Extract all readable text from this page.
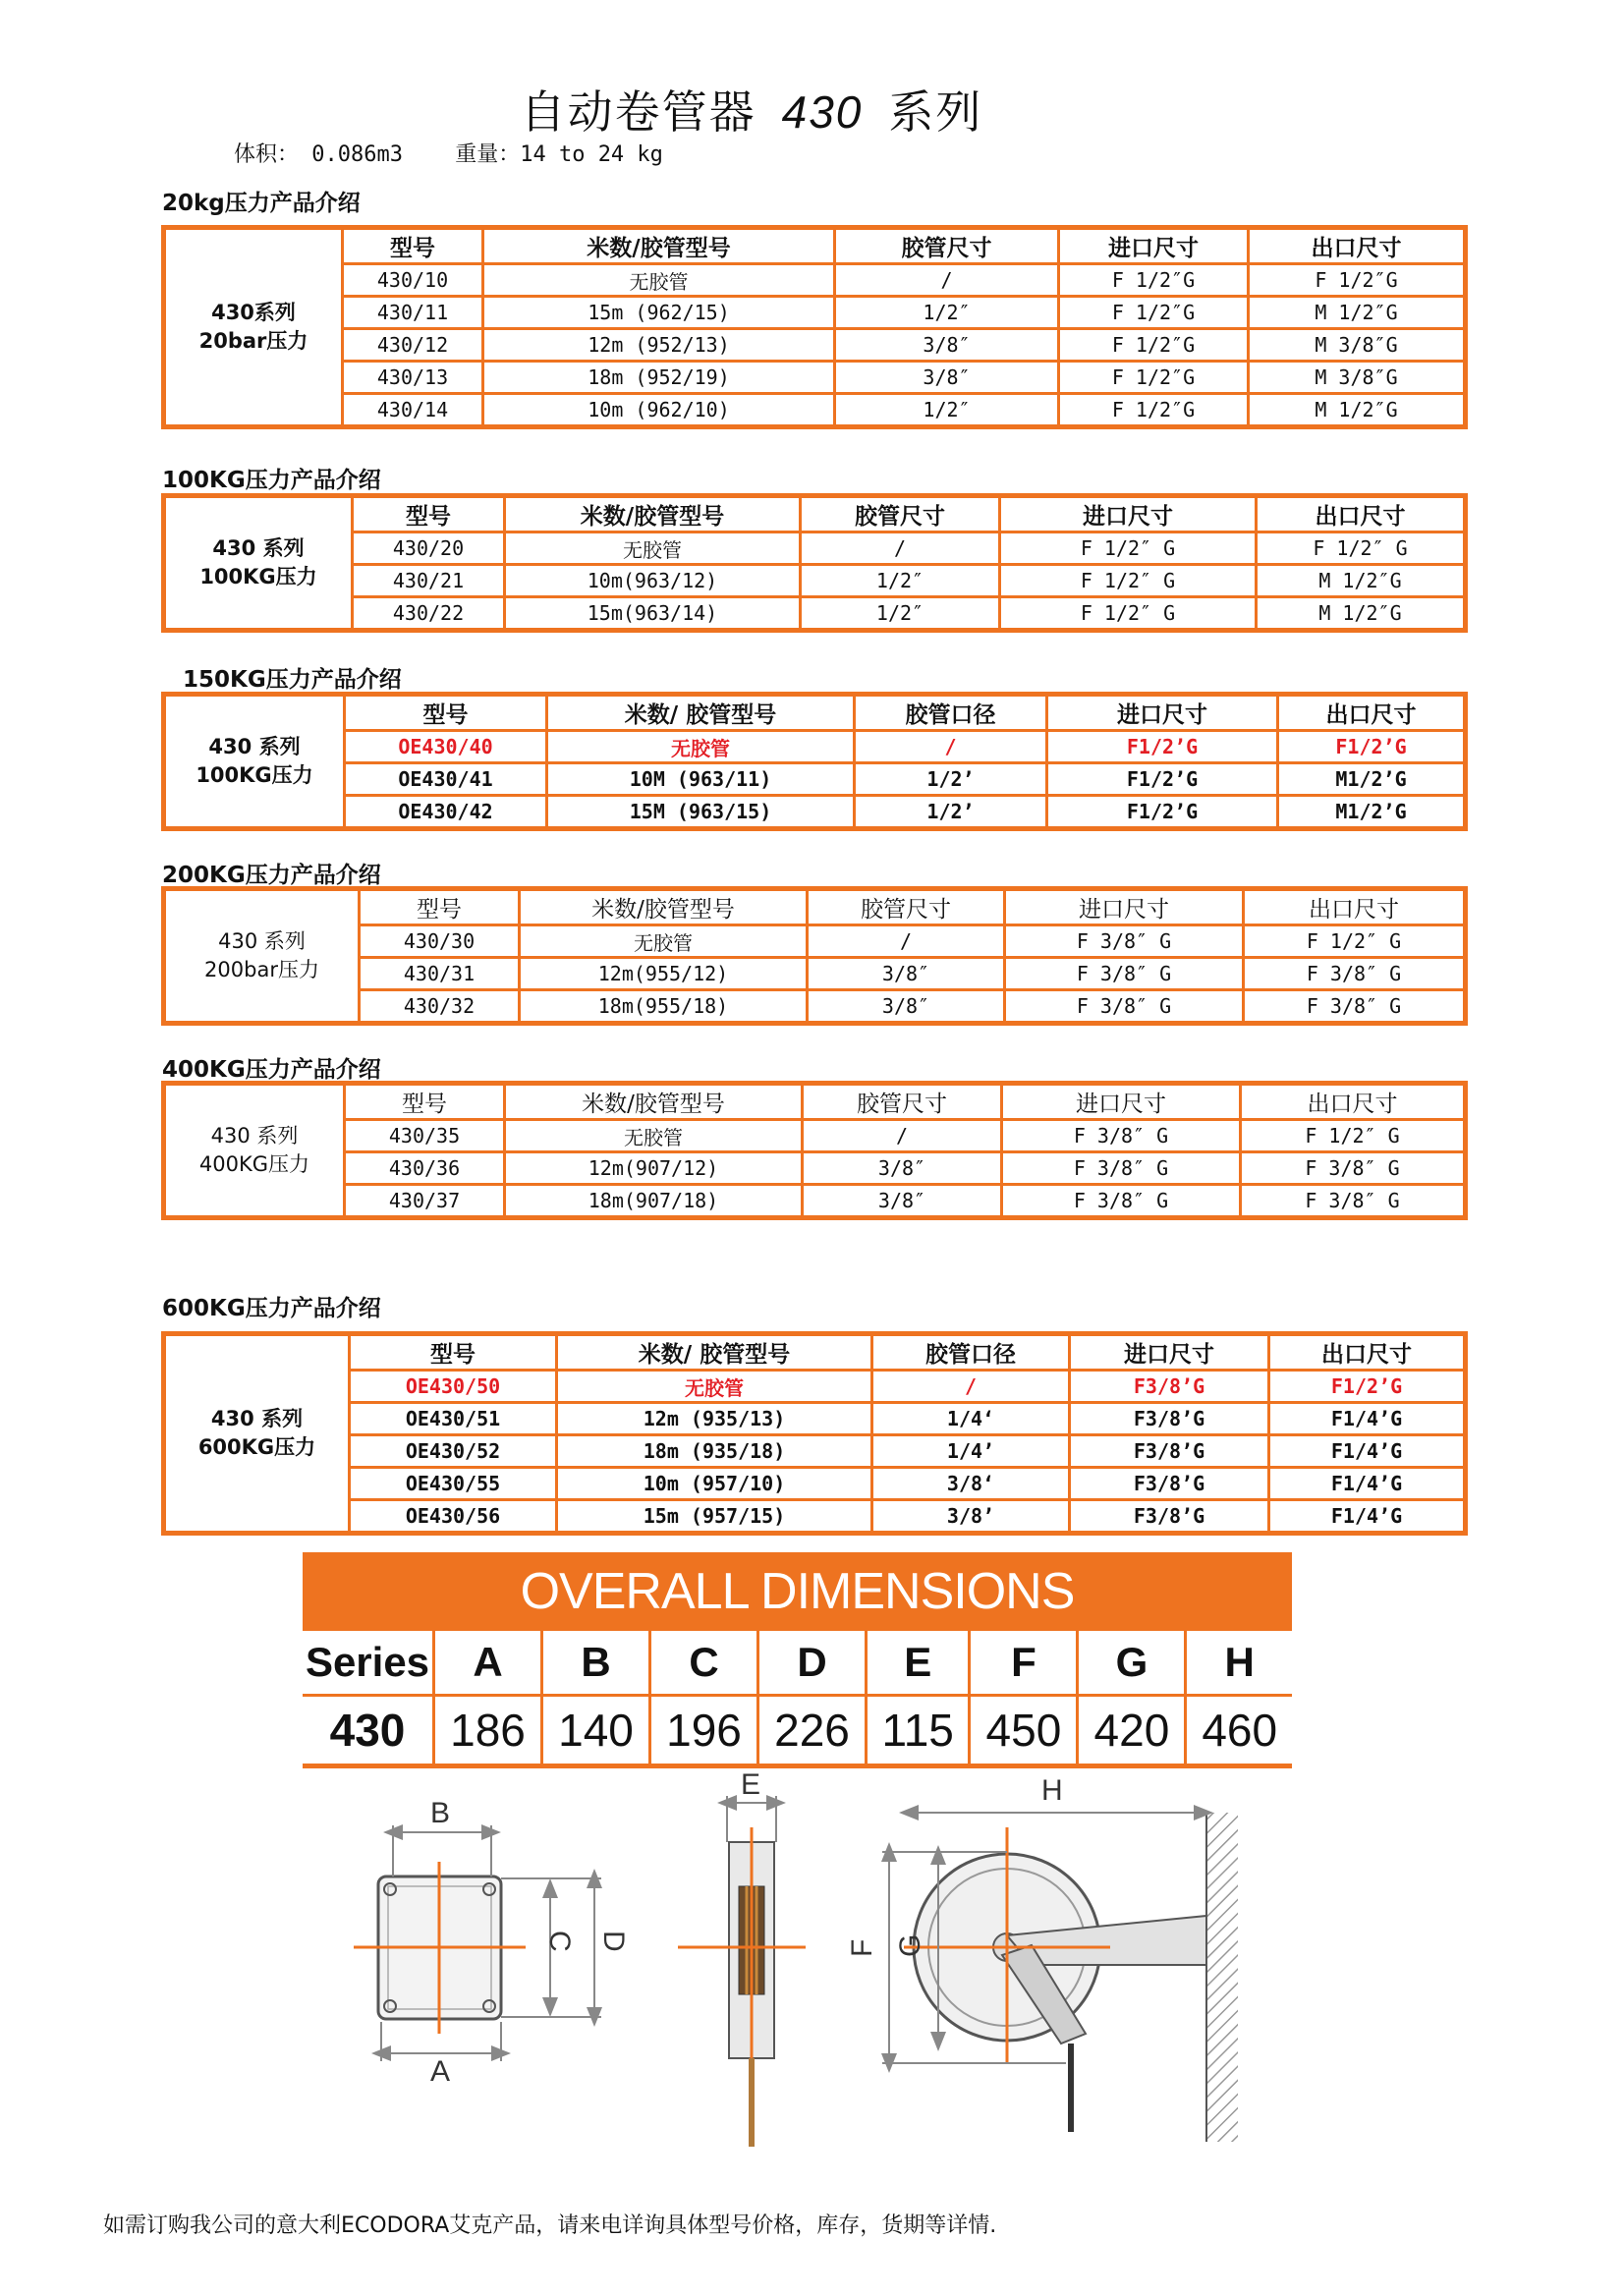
自动卷管器 430 系列
体积： 0.086m3 重量：14 to 24 kg
20kg压力产品介绍
430系列
20bar压力	型号	米数/胶管型号	胶管尺寸	进口尺寸	出口尺寸
	430/10	无胶管	/	F 1/2″G	F 1/2″G
	430/11	15m (962/15)	1/2″	F 1/2″G	M 1/2″G
	430/12	12m (952/13)	3/8″	F 1/2″G	M 3/8″G
	430/13	18m (952/19)	3/8″	F 1/2″G	M 3/8″G
	430/14	10m (962/10)	1/2″	F 1/2″G	M 1/2″G
100KG压力产品介绍
430 系列
100KG压力	型号	米数/胶管型号	胶管尺寸	进口尺寸	出口尺寸
	430/20	无胶管	/	F 1/2″ G	F 1/2″ G
	430/21	10m(963/12)	1/2″	F 1/2″ G	M 1/2″G
	430/22	15m(963/14)	1/2″	F 1/2″ G	M 1/2″G
150KG压力产品介绍
430 系列
100KG压力	型号	米数/ 胶管型号	胶管口径	进口尺寸	出口尺寸
	OE430/40	无胶管	/	F1/2’G	F1/2’G
	OE430/41	10M (963/11)	1/2’	F1/2’G	M1/2’G
	OE430/42	15M (963/15)	1/2’	F1/2’G	M1/2’G
200KG压力产品介绍
430 系列
200bar压力	型号	米数/胶管型号	胶管尺寸	进口尺寸	出口尺寸
	430/30	无胶管	/	F 3/8″ G	F 1/2″ G
	430/31	12m(955/12)	3/8″	F 3/8″ G	F 3/8″ G
	430/32	18m(955/18)	3/8″	F 3/8″ G	F 3/8″ G
400KG压力产品介绍
430 系列
400KG压力	型号	米数/胶管型号	胶管尺寸	进口尺寸	出口尺寸
	430/35	无胶管	/	F 3/8″ G	F 1/2″ G
	430/36	12m(907/12)	3/8″	F 3/8″ G	F 3/8″ G
	430/37	18m(907/18)	3/8″	F 3/8″ G	F 3/8″ G
600KG压力产品介绍
430 系列
600KG压力	型号	米数/ 胶管型号	胶管口径	进口尺寸	出口尺寸
	OE430/50	无胶管	/	F3/8’G	F1/2’G
	OE430/51	12m (935/13)	1/4‘	F3/8’G	F1/4’G
	OE430/52	18m (935/18)	1/4’	F3/8’G	F1/4’G
	OE430/55	10m (957/10)	3/8‘	F3/8’G	F1/4’G
	OE430/56	15m (957/15)	3/8’	F3/8’G	F1/4’G
OVERALL DIMENSIONS
Series	A	B	C	D	E	F	G	H
430	186	140	196	226	115	450	420	460
B
A
C D
E	H
F G
如需订购我公司的意大利ECODORA艾克产品，请来电详询具体型号价格，库存，货期等详情.
